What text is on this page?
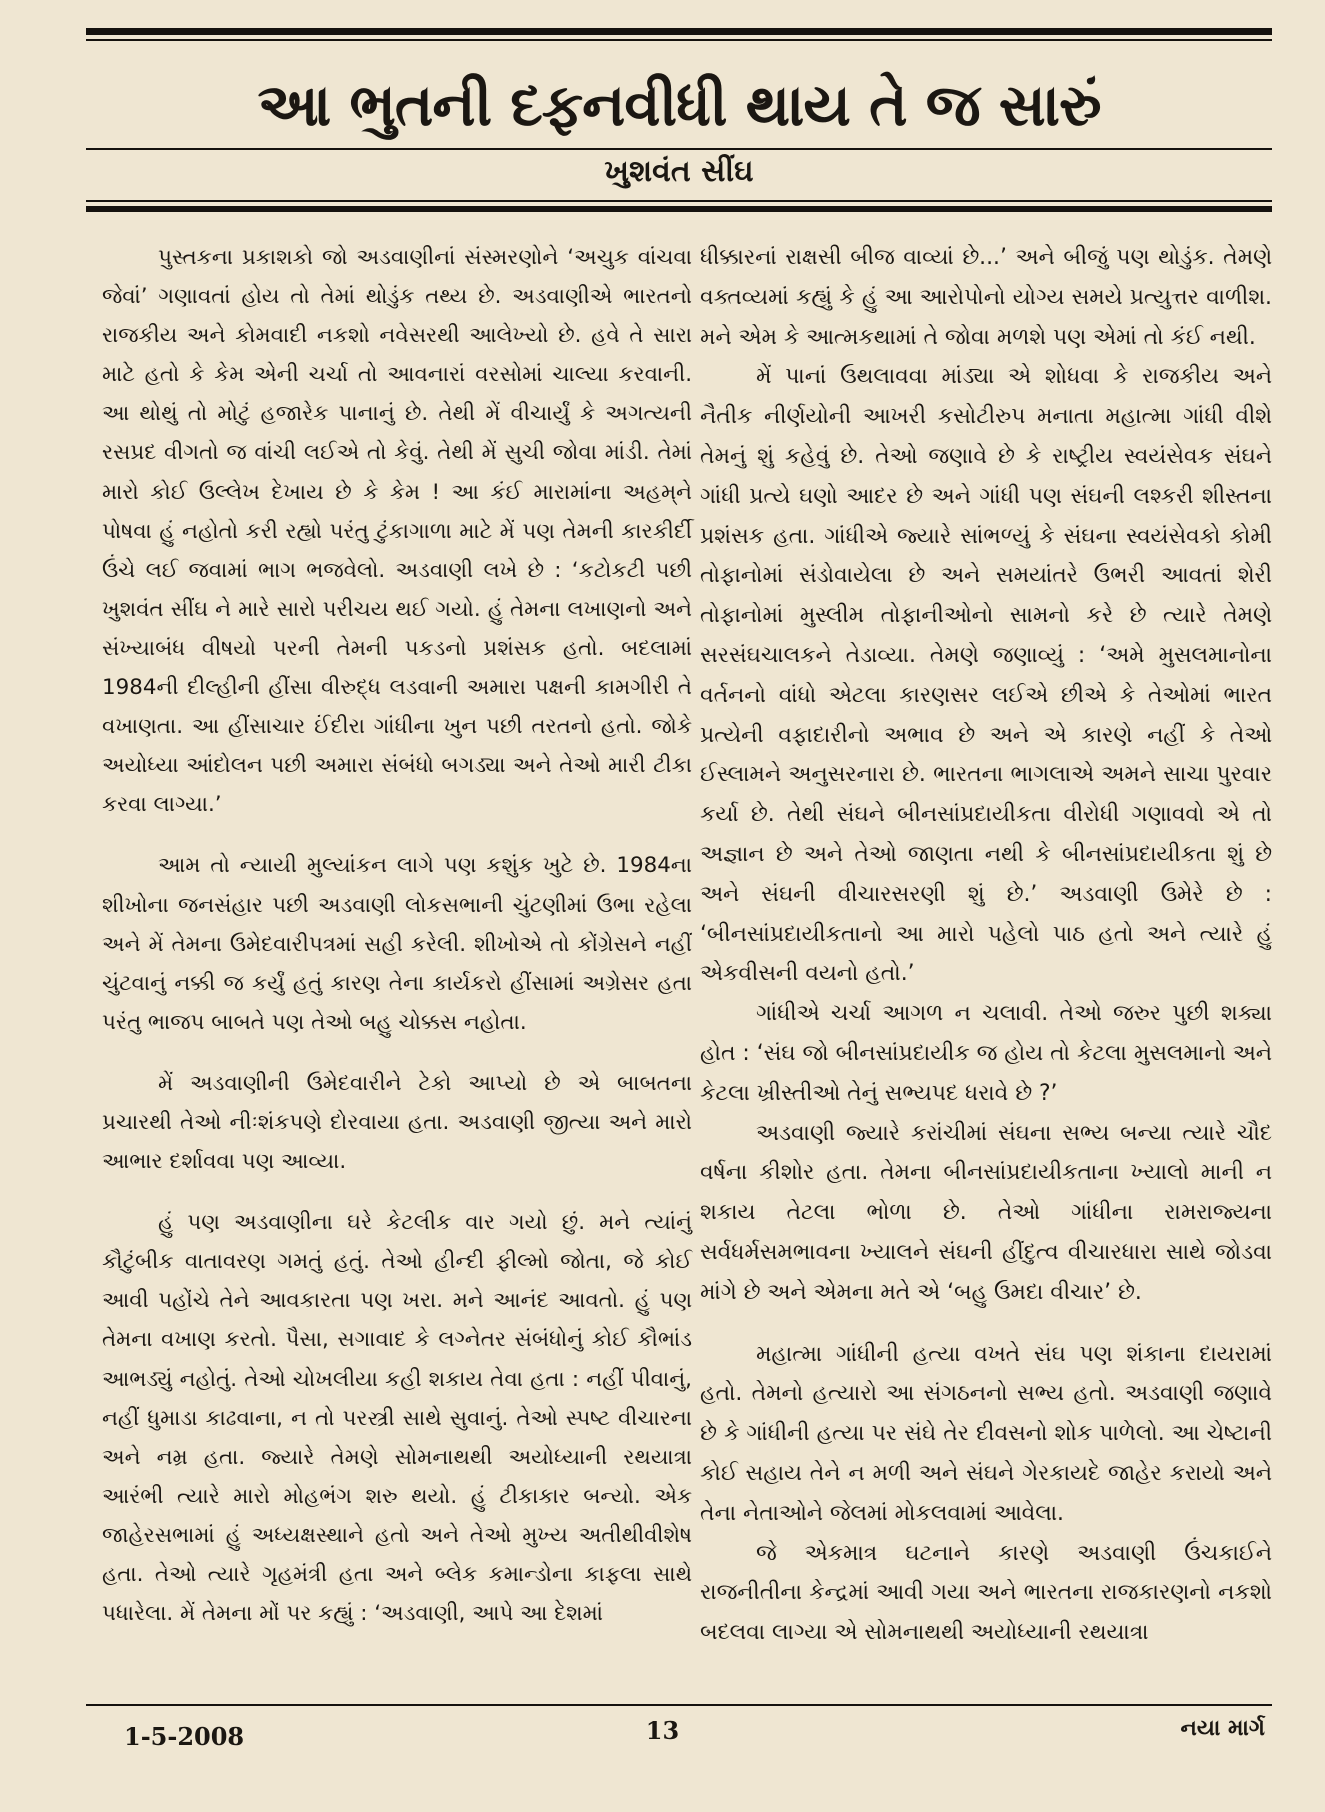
આ ભુતની દફનવીધી થાય તે જ સારું
ખુશવંત સીંઘ

પુસ્તકના પ્રકાશકો જો અડવાણીનાં સંસ્મરણોને ‘અચુક વાંચવા જેવાં’ ગણાવતાં હોય તો તેમાં થોડુંક તથ્ય છે. અડવાણીએ ભારતનો રાજકીય અને કોમવાદી નકશો નવેસરથી આલેખ્યો છે. હવે તે સારા માટે હતો કે કેમ એની ચર્ચા તો આવનારાં વરસોમાં ચાલ્યા કરવાની. આ થોથું તો મોટું હજારેક પાનાનું છે. તેથી મેં વીચાર્યું કે અગત્યની રસપ્રદ વીગતો જ વાંચી લઈએ તો કેવું. તેથી મેં સુચી જોવા માંડી. તેમાં મારો કોઈ ઉલ્લેખ દેખાય છે કે કેમ ! આ કંઈ મારામાંના અહમ્‌ને પોષવા હું નહોતો કરી રહ્યો પરંતુ ટુંકાગાળા માટે મેં પણ તેમની કારકીર્દી ઉંચે લઈ જવામાં ભાગ ભજવેલો. અડવાણી લખે છે : ‘કટોકટી પછી ખુશવંત સીંઘ ને મારે સારો પરીચય થઈ ગયો. હું તેમના લખાણનો અને સંખ્યાબંધ વીષયો પરની તેમની પકડનો પ્રશંસક હતો. બદલામાં 1984ની દીલ્હીની હીંસા વીરુદ્ધ લડવાની અમારા પક્ષની કામગીરી તે વખાણતા. આ હીંસાચાર ઈંદીરા ગાંધીના ખુન પછી તરતનો હતો. જોકે અયોધ્યા આંદોલન પછી અમારા સંબંધો બગડ્યા અને તેઓ મારી ટીકા કરવા લાગ્યા.’

આમ તો ન્યાયી મુલ્યાંકન લાગે પણ કશુંક ખુટે છે. 1984ના શીખોના જનસંહાર પછી અડવાણી લોકસભાની ચુંટણીમાં ઉભા રહેલા અને મેં તેમના ઉમેદવારીપત્રમાં સહી કરેલી. શીખોએ તો કોંગ્રેસને નહીં ચુંટવાનું નક્કી જ કર્યું હતું કારણ તેના કાર્યકરો હીંસામાં અગ્રેસર હતા પરંતુ ભાજપ બાબતે પણ તેઓ બહુ ચોક્કસ નહોતા.

મેં અડવાણીની ઉમેદવારીને ટેકો આપ્યો છે એ બાબતના પ્રચારથી તેઓ નીઃશંકપણે દોરવાયા હતા. અડવાણી જીત્યા અને મારો આભાર દર્શાવવા પણ આવ્યા.

હું પણ અડવાણીના ઘરે કેટલીક વાર ગયો છું. મને ત્યાંનું કૌટુંબીક વાતાવરણ ગમતું હતું. તેઓ હીન્દી ફીલ્મો જોતા, જે કોઈ આવી પહોંચે તેને આવકારતા પણ ખરા. મને આનંદ આવતો. હું પણ તેમના વખાણ કરતો. પૈસા, સગાવાદ કે લગ્નેતર સંબંધોનું કોઈ કૌભાંડ આભડ્યું નહોતું. તેઓ ચોખલીયા કહી શકાય તેવા હતા : નહીં પીવાનું, નહીં ધુમાડા કાઢવાના, ન તો પરસ્ત્રી સાથે સુવાનું. તેઓ સ્પષ્ટ વીચારના અને નમ્ર હતા. જ્યારે તેમણે સોમનાથથી અયોધ્યાની રથયાત્રા આરંભી ત્યારે મારો મોહભંગ શરુ થયો. હું ટીકાકાર બન્યો. એક જાહેરસભામાં હું અધ્યક્ષસ્થાને હતો અને તેઓ મુખ્ય અતીથીવીશેષ હતા. તેઓ ત્યારે ગૃહમંત્રી હતા અને બ્લેક કમાન્ડોના કાફલા સાથે પધારેલા. મેં તેમના મોં પર કહ્યું : ‘અડવાણી, આપે આ દેશમાં

ધીક્કારનાં રાક્ષસી બીજ વાવ્યાં છે...’ અને બીજું પણ થોડુંક. તેમણે વક્તવ્યમાં કહ્યું કે હું આ આરોપોનો યોગ્ય સમયે પ્રત્યુત્તર વાળીશ. મને એમ કે આત્મકથામાં તે જોવા મળશે પણ એમાં તો કંઈ નથી.

મેં પાનાં ઉથલાવવા માંડ્યા એ શોધવા કે રાજકીય અને નૈતીક નીર્ણયોની આખરી કસોટીરુપ મનાતા મહાત્મા ગાંધી વીશે તેમનું શું કહેવું છે. તેઓ જણાવે છે કે રાષ્ટ્રીય સ્વયંસેવક સંઘને ગાંધી પ્રત્યે ઘણો આદર છે અને ગાંધી પણ સંઘની લશ્કરી શીસ્તના પ્રશંસક હતા. ગાંધીએ જ્યારે સાંભળ્યું કે સંઘના સ્વયંસેવકો કોમી તોફાનોમાં સંડોવાયેલા છે અને સમયાંતરે ઉભરી આવતાં શેરી તોફાનોમાં મુસ્લીમ તોફાનીઓનો સામનો કરે છે ત્યારે તેમણે સરસંઘચાલકને તેડાવ્યા. તેમણે જણાવ્યું : ‘અમે મુસલમાનોના વર્તનનો વાંધો એટલા કારણસર લઈએ છીએ કે તેઓમાં ભારત પ્રત્યેની વફાદારીનો અભાવ છે અને એ કારણે નહીં કે તેઓ ઈસ્લામને અનુસરનારા છે. ભારતના ભાગલાએ અમને સાચા પુરવાર કર્યા છે. તેથી સંઘને બીનસાંપ્રદાયીકતા વીરોધી ગણાવવો એ તો અજ્ઞાન છે અને તેઓ જાણતા નથી કે બીનસાંપ્રદાયીકતા શું છે અને સંઘની વીચારસરણી શું છે.’ અડવાણી ઉમેરે છે : ‘બીનસાંપ્રદાયીકતાનો આ મારો પહેલો પાઠ હતો અને ત્યારે હું એકવીસની વયનો હતો.’

ગાંધીએ ચર્ચા આગળ ન ચલાવી. તેઓ જરુર પુછી શક્યા હોત : ‘સંઘ જો બીનસાંપ્રદાયીક જ હોય તો કેટલા મુસલમાનો અને કેટલા ખ્રીસ્તીઓ તેનું સભ્યપદ ધરાવે છે ?’

અડવાણી જ્યારે કરાંચીમાં સંઘના સભ્ય બન્યા ત્યારે ચૌદ વર્ષના કીશોર હતા. તેમના બીનસાંપ્રદાયીકતાના ખ્યાલો માની ન શકાય તેટલા ભોળા છે. તેઓ ગાંધીના રામરાજ્યના સર્વધર્મસમભાવના ખ્યાલને સંઘની હીંદુત્વ વીચારધારા સાથે જોડવા માંગે છે અને એમના મતે એ ‘બહુ ઉમદા વીચાર’ છે.

મહાત્મા ગાંધીની હત્યા વખતે સંઘ પણ શંકાના દાયરામાં હતો. તેમનો હત્યારો આ સંગઠનનો સભ્ય હતો. અડવાણી જણાવે છે કે ગાંધીની હત્યા પર સંઘે તેર દીવસનો શોક પાળેલો. આ ચેષ્ટાની કોઈ સહાય તેને ન મળી અને સંઘને ગેરકાયદે જાહેર કરાયો અને તેના નેતાઓને જેલમાં મોકલવામાં આવેલા.

જે એકમાત્ર ઘટનાને કારણે અડવાણી ઉંચકાઈને રાજનીતીના કેન્દ્રમાં આવી ગયા અને ભારતના રાજકારણનો નકશો બદલવા લાગ્યા એ સોમનાથથી અયોધ્યાની રથયાત્રા

1-5-2008	13	નયા માર્ગ
